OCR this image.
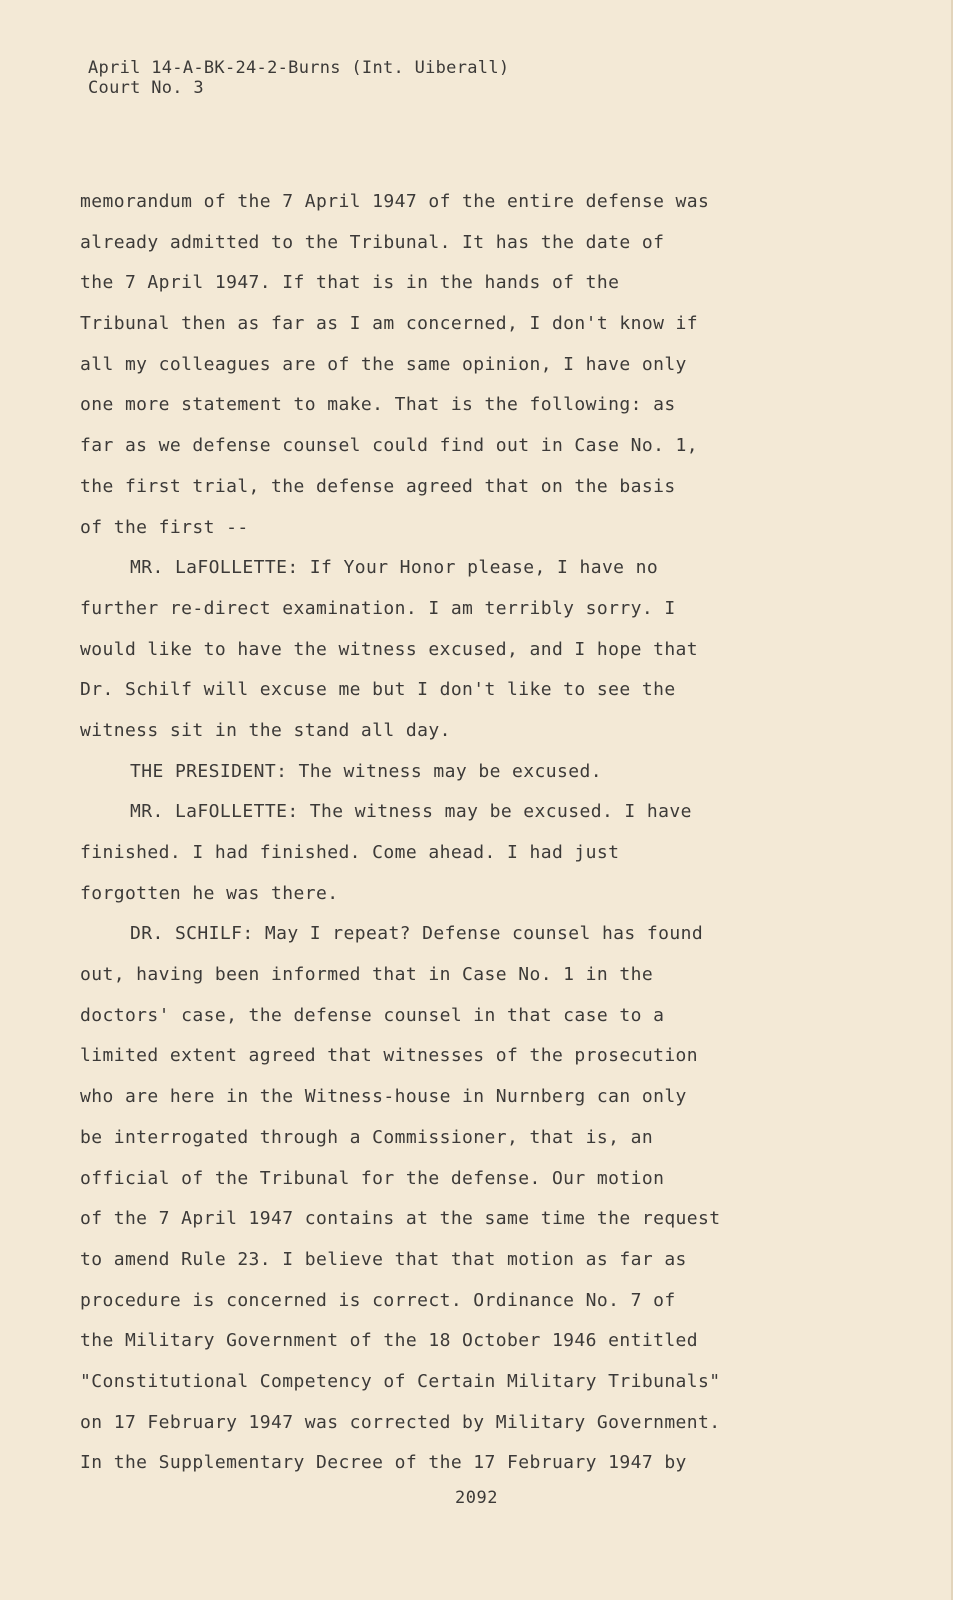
April 14-A-BK-24-2-Burns (Int. Uiberall)
Court No. 3
memorandum of the 7 April 1947 of the entire defense was
already admitted to the Tribunal. It has the date of
the 7 April 1947. If that is in the hands of the
Tribunal then as far as I am concerned, I don't know if
all my colleagues are of the same opinion, I have only
one more statement to make. That is the following: as
far as we defense counsel could find out in Case No. 1,
the first trial, the defense agreed that on the basis
of the first --
MR. LaFOLLETTE: If Your Honor please, I have no
further re-direct examination. I am terribly sorry. I
would like to have the witness excused, and I hope that
Dr. Schilf will excuse me but I don't like to see the
witness sit in the stand all day.
THE PRESIDENT: The witness may be excused.
MR. LaFOLLETTE: The witness may be excused. I have
finished. I had finished. Come ahead. I had just
forgotten he was there.
DR. SCHILF: May I repeat? Defense counsel has found
out, having been informed that in Case No. 1 in the
doctors' case, the defense counsel in that case to a
limited extent agreed that witnesses of the prosecution
who are here in the Witness-house in Nurnberg can only
be interrogated through a Commissioner, that is, an
official of the Tribunal for the defense. Our motion
of the 7 April 1947 contains at the same time the request
to amend Rule 23. I believe that that motion as far as
procedure is concerned is correct. Ordinance No. 7 of
the Military Government of the 18 October 1946 entitled
"Constitutional Competency of Certain Military Tribunals"
on 17 February 1947 was corrected by Military Government.
In the Supplementary Decree of the 17 February 1947 by
2092
